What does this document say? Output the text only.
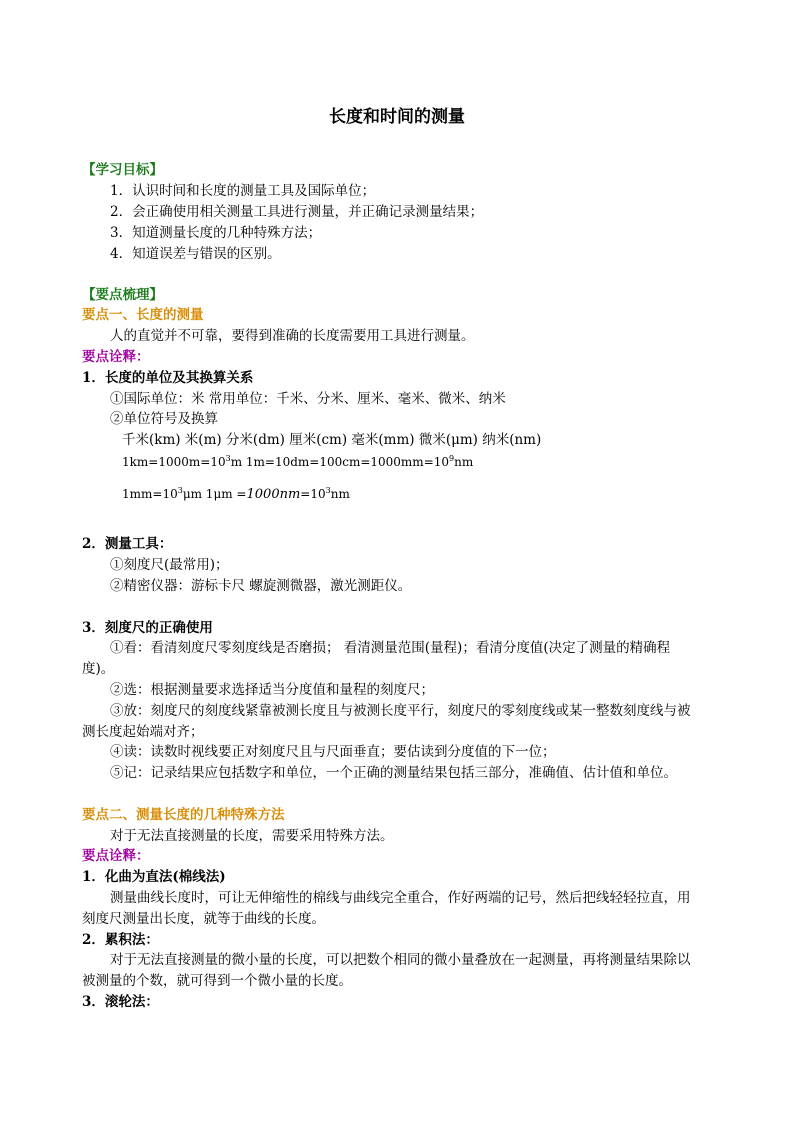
长度和时间的测量
【学习目标】
1．认识时间和长度的测量工具及国际单位；
2．会正确使用相关测量工具进行测量，并正确记录测量结果；
3．知道测量长度的几种特殊方法；
4．知道误差与错误的区别。
【要点梳理】
要点一、长度的测量
人的直觉并不可靠，要得到准确的长度需要用工具进行测量。
要点诠释：
1．长度的单位及其换算关系
①国际单位：米 常用单位：千米、分米、厘米、毫米、微米、纳米
②单位符号及换算
千米(km) 米(m) 分米(dm) 厘米(cm) 毫米(mm) 微米(μm) 纳米(nm)
$1km=1000m=10^3m$ $1m=10dm=100cm=1000mm=10^9nm$
$1mm=10^3\mu m$ $1\mu m =1000nm=10^3nm$
2．测量工具：
①刻度尺(最常用)；
②精密仪器：游标卡尺 螺旋测微器，激光测距仪。
3．刻度尺的正确使用
①看：看清刻度尺零刻度线是否磨损； 看清测量范围(量程)；看清分度值(决定了测量的精确程
度)。
②选：根据测量要求选择适当分度值和量程的刻度尺；
③放：刻度尺的刻度线紧靠被测长度且与被测长度平行，刻度尺的零刻度线或某一整数刻度线与被
测长度起始端对齐；
④读：读数时视线要正对刻度尺且与尺面垂直；要估读到分度值的下一位；
⑤记：记录结果应包括数字和单位，一个正确的测量结果包括三部分，准确值、估计值和单位。
要点二、测量长度的几种特殊方法
对于无法直接测量的长度，需要采用特殊方法。
要点诠释：
1．化曲为直法(棉线法)
测量曲线长度时，可让无伸缩性的棉线与曲线完全重合，作好两端的记号，然后把线轻轻拉直，用
刻度尺测量出长度，就等于曲线的长度。
2．累积法：
对于无法直接测量的微小量的长度，可以把数个相同的微小量叠放在一起测量，再将测量结果除以
被测量的个数，就可得到一个微小量的长度。
3．滚轮法：
